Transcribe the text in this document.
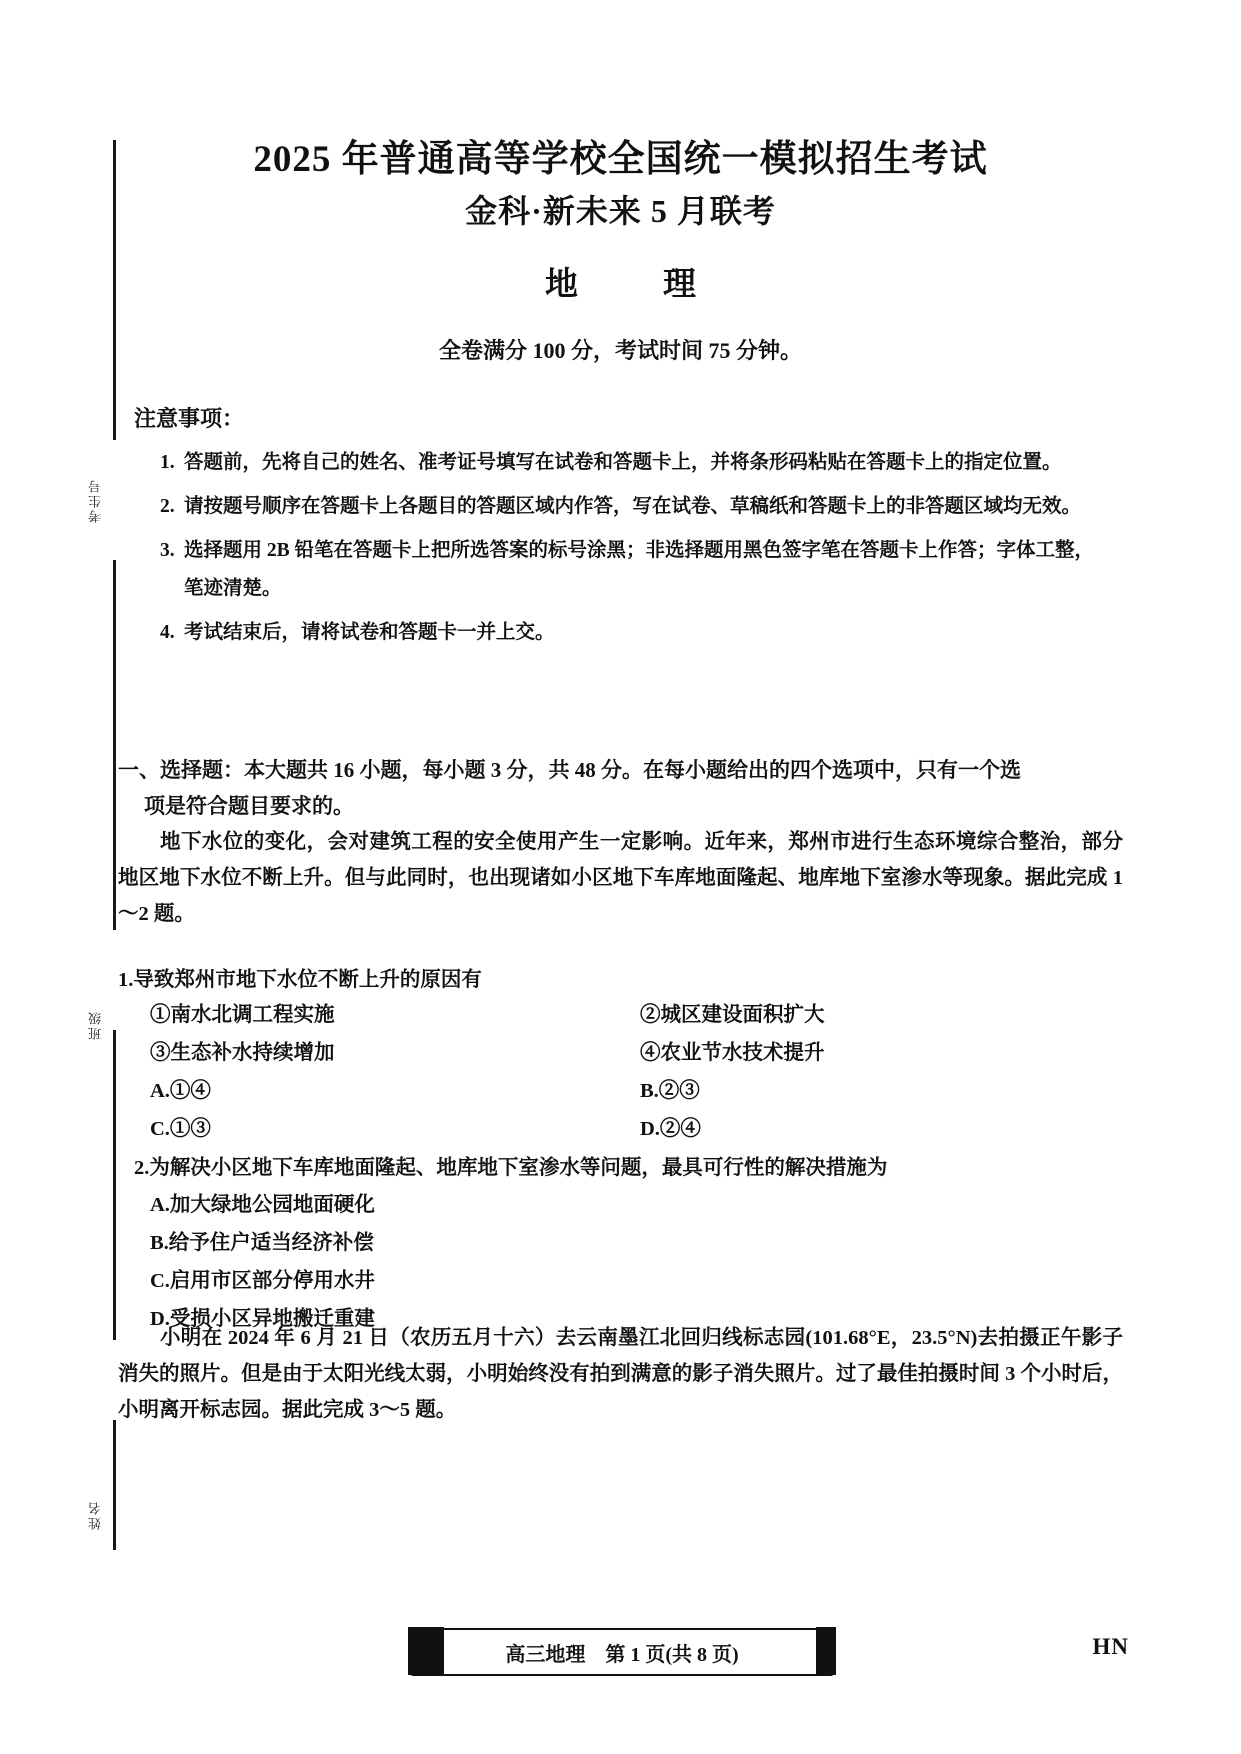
考生号
班级
姓名
2025 年普通高等学校全国统一模拟招生考试
金科·新未来 5 月联考
地　理
全卷满分 100 分，考试时间 75 分钟。
注意事项：
1. 答题前，先将自己的姓名、准考证号填写在试卷和答题卡上，并将条形码粘贴在答题卡上的指定位置。
2. 请按题号顺序在答题卡上各题目的答题区域内作答，写在试卷、草稿纸和答题卡上的非答题区域均无效。
3. 选择题用 2B 铅笔在答题卡上把所选答案的标号涂黑；非选择题用黑色签字笔在答题卡上作答；字体工整，笔迹清楚。
4. 考试结束后，请将试卷和答题卡一并上交。
一、选择题：本大题共 16 小题，每小题 3 分，共 48 分。在每小题给出的四个选项中，只有一个选
项是符合题目要求的。
地下水位的变化，会对建筑工程的安全使用产生一定影响。近年来，郑州市进行生态环境综合整治，部分地区地下水位不断上升。但与此同时，也出现诸如小区地下车库地面隆起、地库地下室渗水等现象。据此完成 1～2 题。
1.导致郑州市地下水位不断上升的原因有
①南水北调工程实施	②城区建设面积扩大
③生态补水持续增加	④农业节水技术提升
A.①④	B.②③
C.①③	D.②④
2.为解决小区地下车库地面隆起、地库地下室渗水等问题，最具可行性的解决措施为
A.加大绿地公园地面硬化
B.给予住户适当经济补偿
C.启用市区部分停用水井
D.受损小区异地搬迁重建
小明在 2024 年 6 月 21 日（农历五月十六）去云南墨江北回归线标志园(101.68°E，23.5°N)去拍摄正午影子消失的照片。但是由于太阳光线太弱，小明始终没有拍到满意的影子消失照片。过了最佳拍摄时间 3 个小时后，小明离开标志园。据此完成 3～5 题。
高三地理　第 1 页(共 8 页)	HN
